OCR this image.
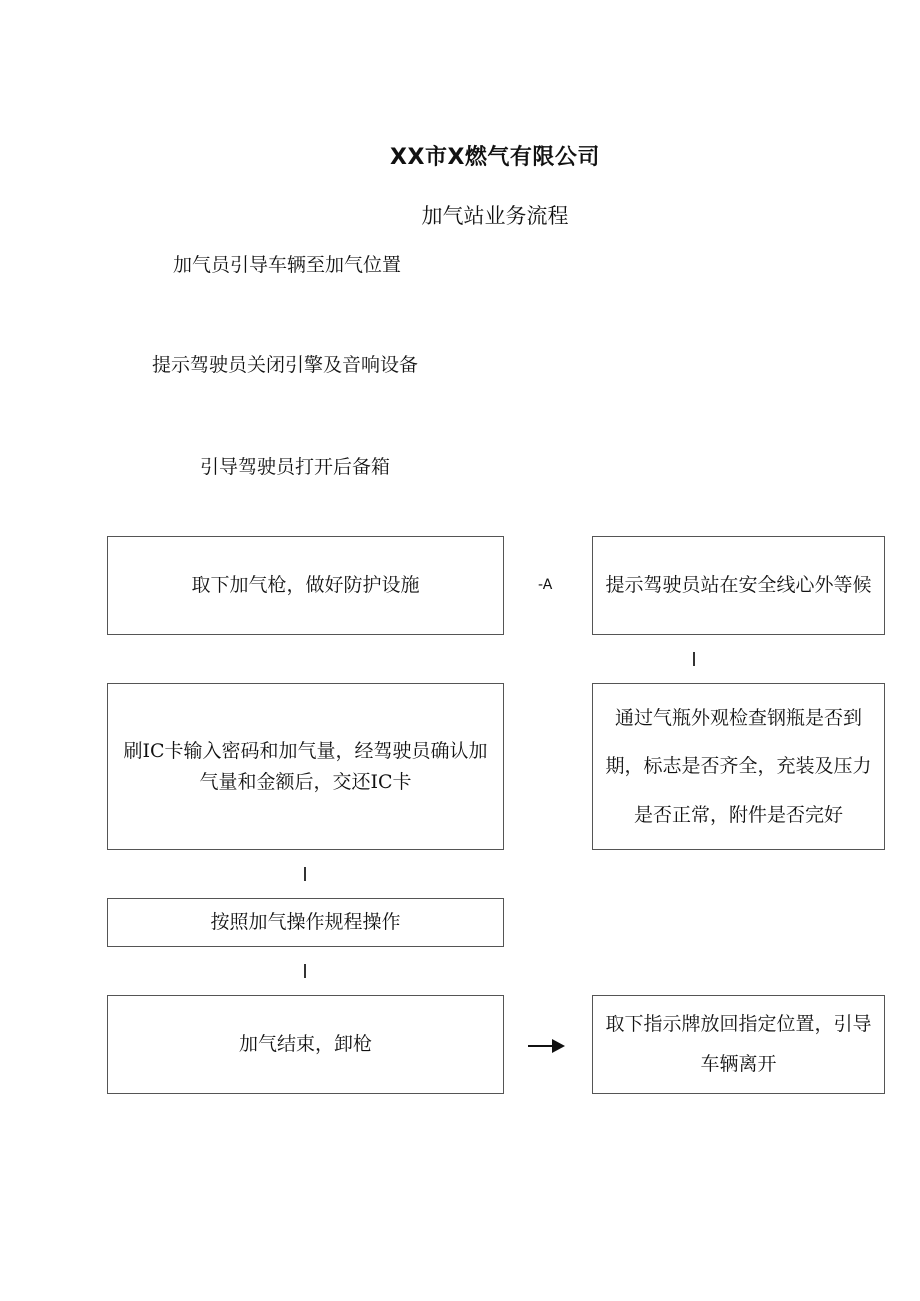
XX市X燃气有限公司
加气站业务流程
加气员引导车辆至加气位置
提示驾驶员关闭引擎及音响设备
引导驾驶员打开后备箱
取下加气枪，做好防护设施	-A	提示驾驶员站在安全线心外等候
刷IC卡输入密码和加气量，经驾驶员确认加气量和金额后，交还IC卡
通过气瓶外观检查钢瓶是否到期，标志是否齐全，充装及压力是否正常，附件是否完好
按照加气操作规程操作
加气结束，卸枪
取下指示牌放回指定位置，引导车辆离开
